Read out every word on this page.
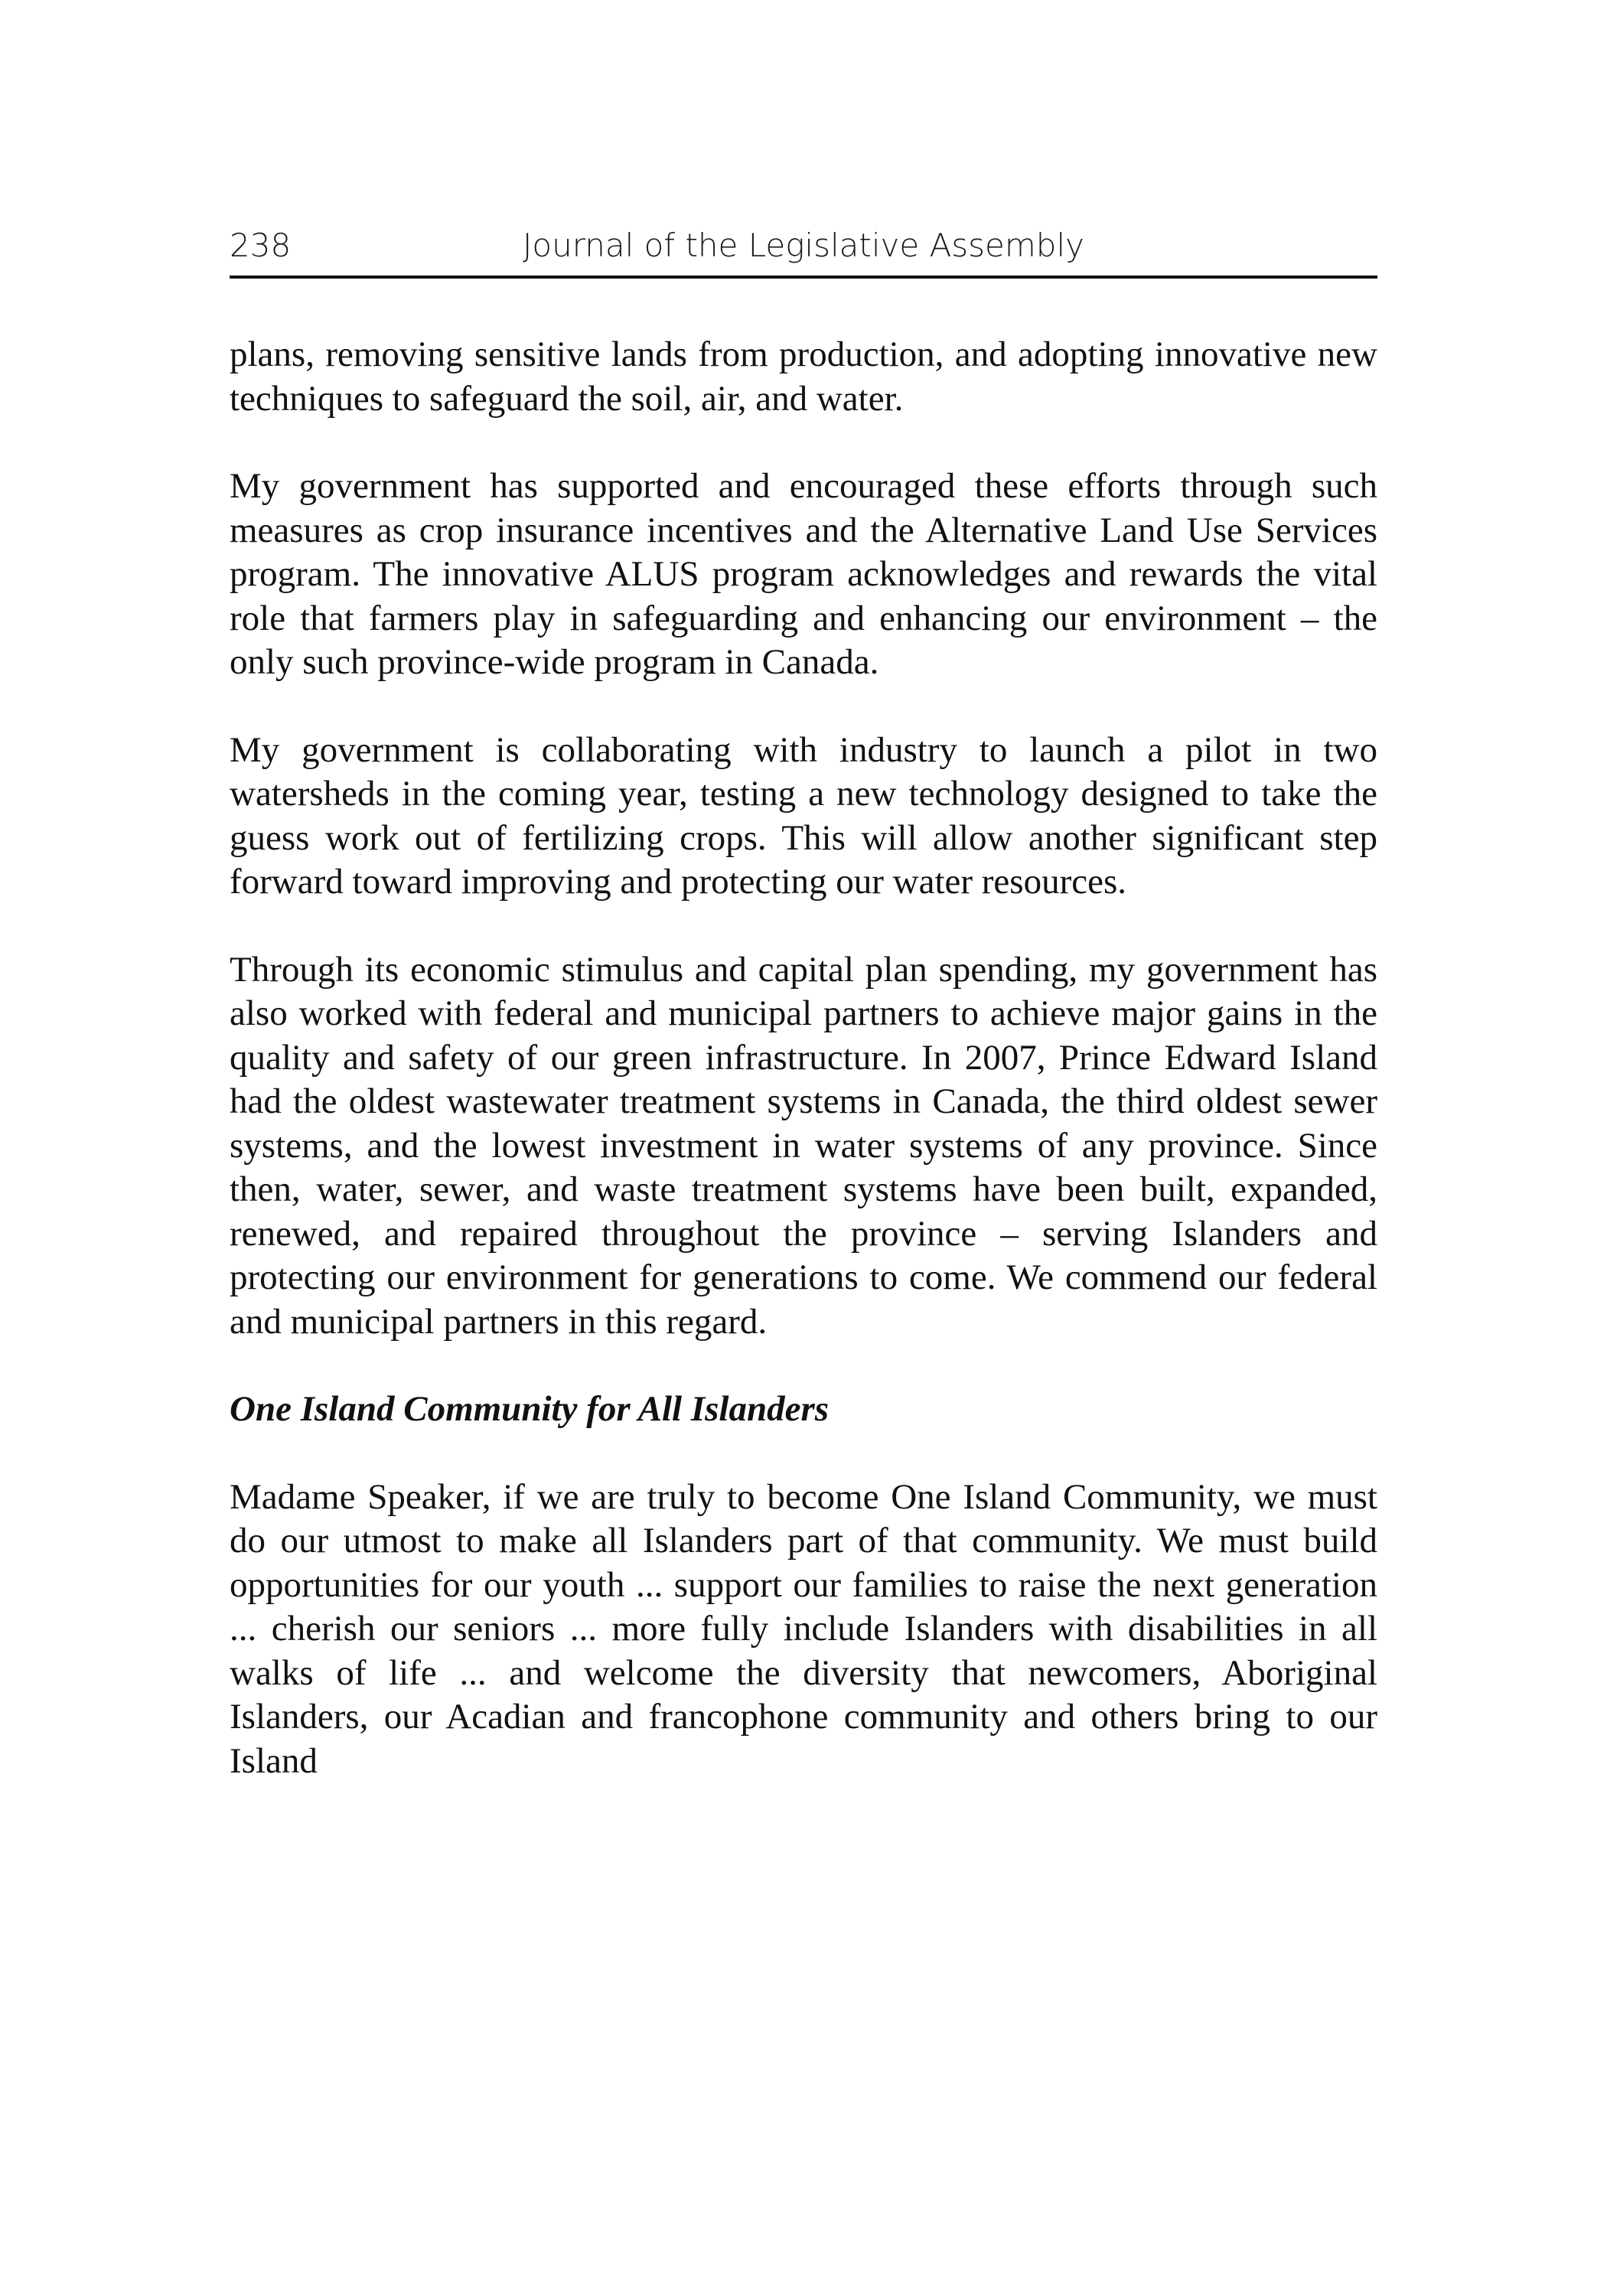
Journal of the Legislative Assembly
238

plans, removing sensitive lands from production, and adopting innovative new techniques to safeguard the soil, air, and water.

My government has supported and encouraged these efforts through such measures as crop insurance incentives and the Alternative Land Use Services program. The innovative ALUS program acknowledges and rewards the vital role that farmers play in safeguarding and enhancing our environment – the only such province-wide program in Canada.

My government is collaborating with industry to launch a pilot in two watersheds in the coming year, testing a new technology designed to take the guess work out of fertilizing crops. This will allow another significant step forward toward improving and protecting our water resources.

Through its economic stimulus and capital plan spending, my government has also worked with federal and municipal partners to achieve major gains in the quality and safety of our green infrastructure. In 2007, Prince Edward Island had the oldest wastewater treatment systems in Canada, the third oldest sewer systems, and the lowest investment in water systems of any province. Since then, water, sewer, and waste treatment systems have been built, expanded, renewed, and repaired throughout the province – serving Islanders and protecting our environment for generations to come. We commend our federal and municipal partners in this regard.

One Island Community for All Islanders

Madame Speaker, if we are truly to become One Island Community, we must do our utmost to make all Islanders part of that community. We must build opportunities for our youth ... support our families to raise the next generation ... cherish our seniors ... more fully include Islanders with disabilities in all walks of life ... and welcome the diversity that newcomers, Aboriginal Islanders, our Acadian and francophone community and others bring to our Island
